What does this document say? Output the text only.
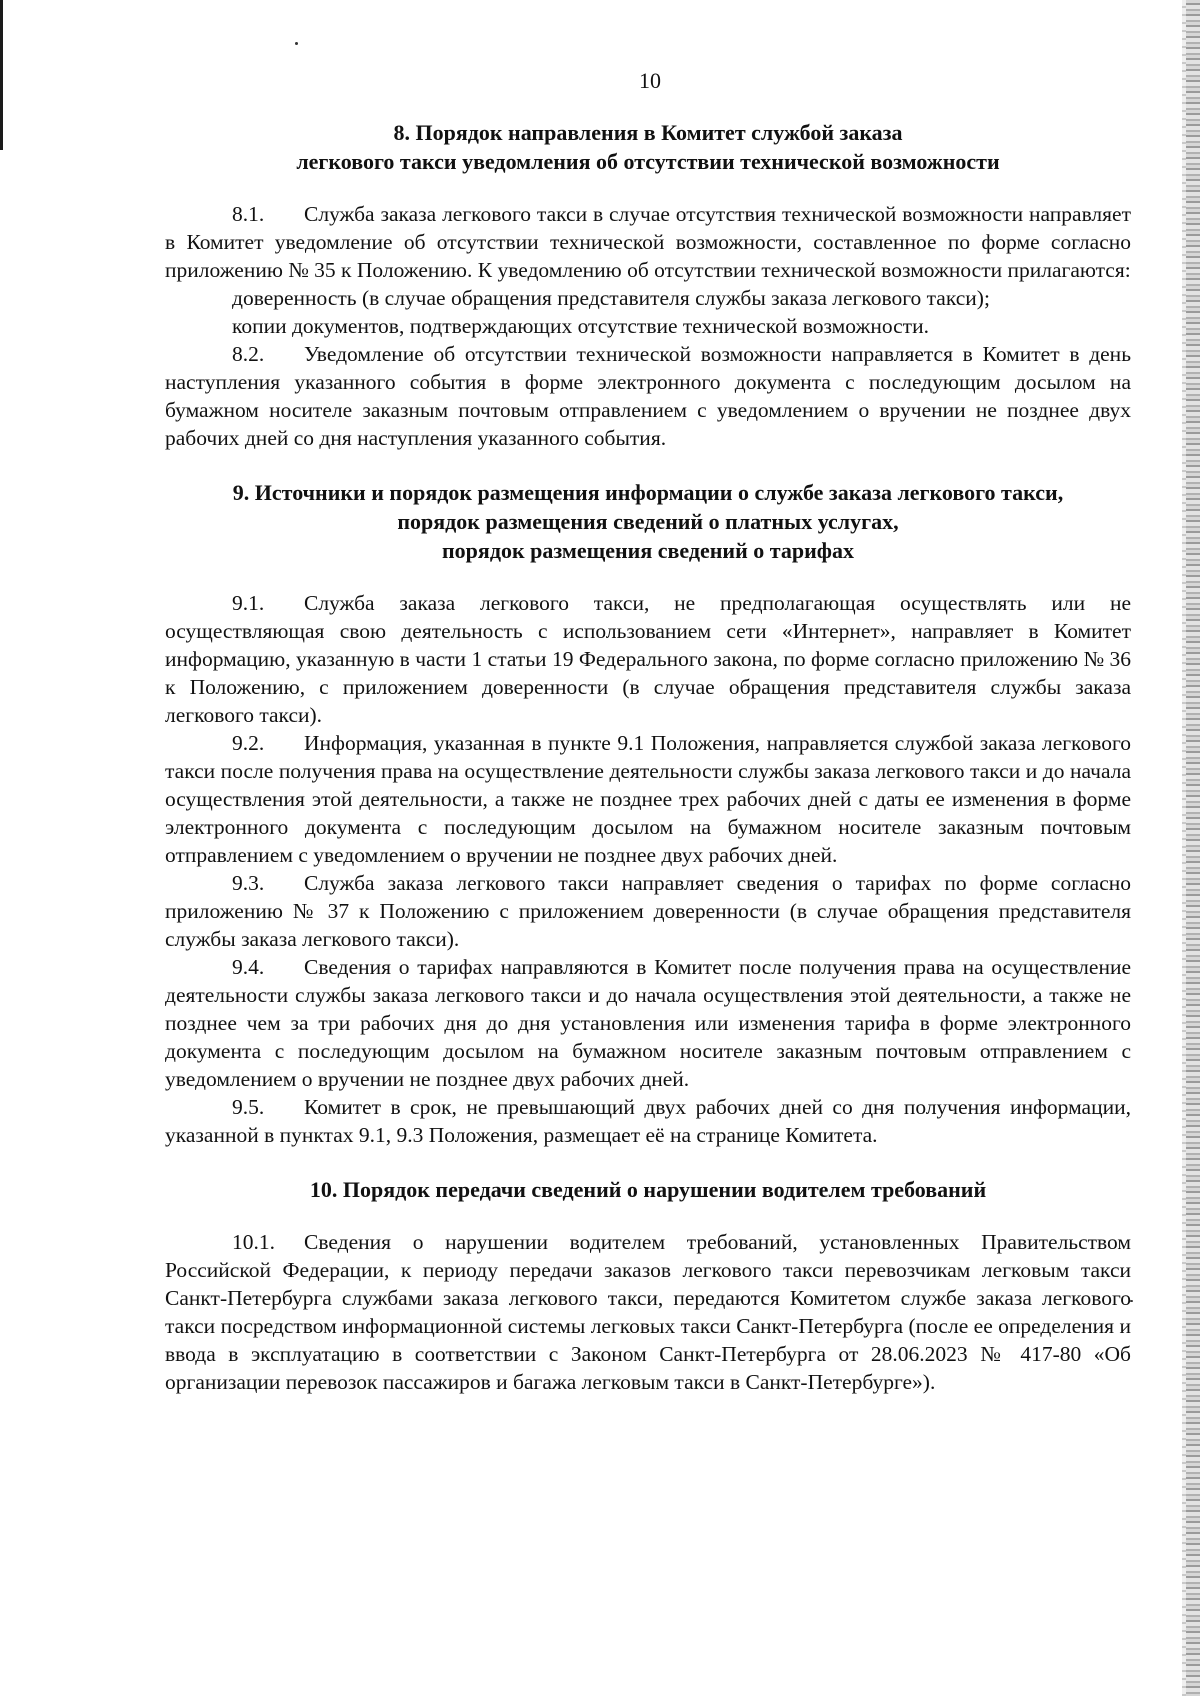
10
8. Порядок направления в Комитет службой заказа
легкового такси уведомления об отсутствии технической возможности

8.1. Служба заказа легкового такси в случае отсутствия технической возможности направляет в Комитет уведомление об отсутствии технической возможности, составленное по форме согласно приложению № 35 к Положению. К уведомлению об отсутствии технической возможности прилагаются:

доверенность (в случае обращения представителя службы заказа легкового такси);

копии документов, подтверждающих отсутствие технической возможности.

8.2. Уведомление об отсутствии технической возможности направляется в Комитет в день наступления указанного события в форме электронного документа с последующим досылом на бумажном носителе заказным почтовым отправлением с уведомлением о вручении не позднее двух рабочих дней со дня наступления указанного события.

9. Источники и порядок размещения информации о службе заказа легкового такси,
порядок размещения сведений о платных услугах,
порядок размещения сведений о тарифах

9.1. Служба заказа легкового такси, не предполагающая осуществлять или не осуществляющая свою деятельность с использованием сети «Интернет», направляет в Комитет информацию, указанную в части 1 статьи 19 Федерального закона, по форме согласно приложению № 36 к Положению, с приложением доверенности (в случае обращения представителя службы заказа легкового такси).

9.2. Информация, указанная в пункте 9.1 Положения, направляется службой заказа легкового такси после получения права на осуществление деятельности службы заказа легкового такси и до начала осуществления этой деятельности, а также не позднее трех рабочих дней с даты ее изменения в форме электронного документа с последующим досылом на бумажном носителе заказным почтовым отправлением с уведомлением о вручении не позднее двух рабочих дней.

9.3. Служба заказа легкового такси направляет сведения о тарифах по форме согласно приложению № 37 к Положению с приложением доверенности (в случае обращения представителя службы заказа легкового такси).

9.4. Сведения о тарифах направляются в Комитет после получения права на осуществление деятельности службы заказа легкового такси и до начала осуществления этой деятельности, а также не позднее чем за три рабочих дня до дня установления или изменения тарифа в форме электронного документа с последующим досылом на бумажном носителе заказным почтовым отправлением с уведомлением о вручении не позднее двух рабочих дней.

9.5. Комитет в срок, не превышающий двух рабочих дней со дня получения информации, указанной в пунктах 9.1, 9.3 Положения, размещает её на странице Комитета.

10. Порядок передачи сведений о нарушении водителем требований

10.1. Сведения о нарушении водителем требований, установленных Правительством Российской Федерации, к периоду передачи заказов легкового такси перевозчикам легковым такси Санкт-Петербурга службами заказа легкового такси, передаются Комитетом службе заказа легкового такси посредством информационной системы легковых такси Санкт-Петербурга (после ее определения и ввода в эксплуатацию в соответствии с Законом Санкт-Петербурга от 28.06.2023 № 417-80 «Об организации перевозок пассажиров и багажа легковым такси в Санкт-Петербурге»).
